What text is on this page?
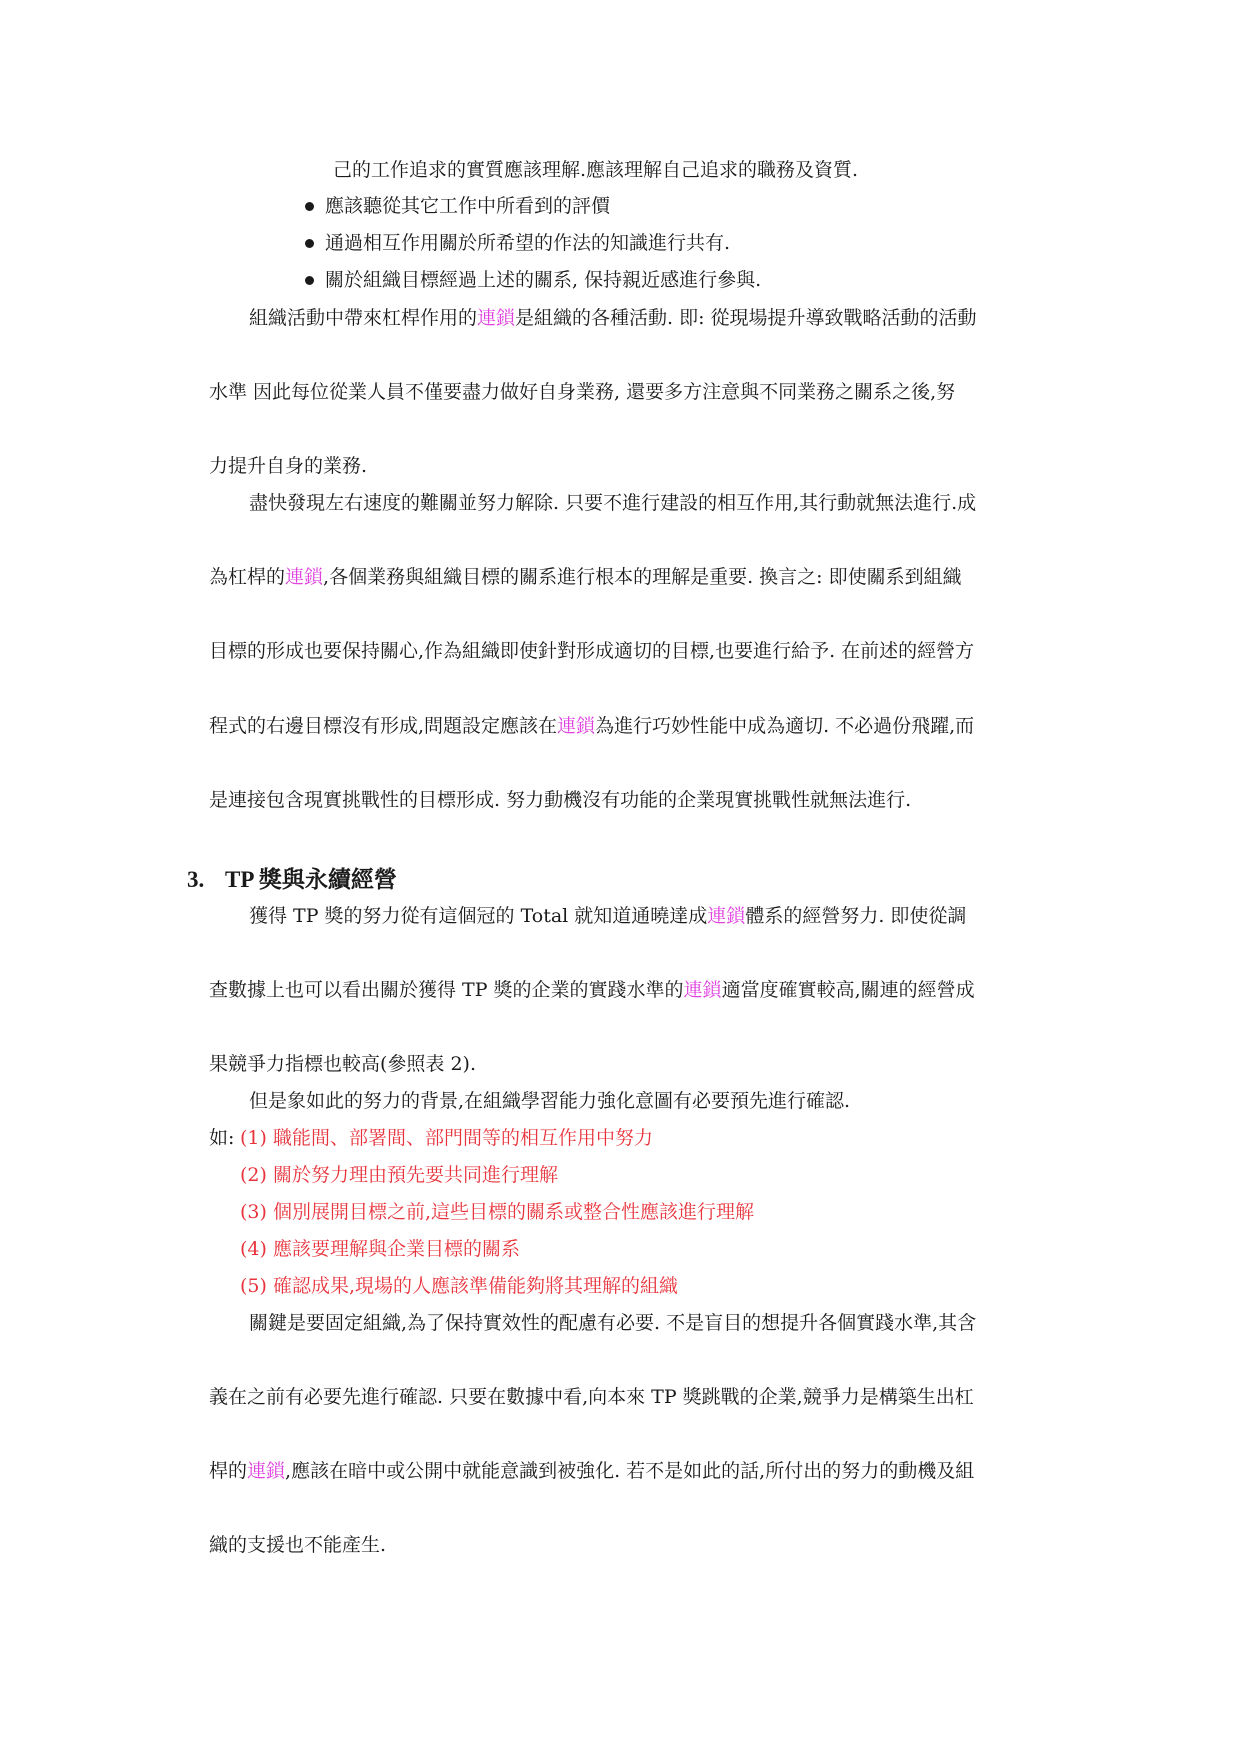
己的工作追求的實質應該理解.應該理解自己追求的職務及資質.
應該聽從其它工作中所看到的評價
通過相互作用關於所希望的作法的知識進行共有.
關於組織目標經過上述的關系, 保持親近感進行參與.
組織活動中帶來杠桿作用的連鎖是組織的各種活動. 即: 從現場提升導致戰略活動的活動
水準 因此每位從業人員不僅要盡力做好自身業務, 還要多方注意與不同業務之關系之後,努
力提升自身的業務.
盡快發現左右速度的難關並努力解除. 只要不進行建設的相互作用,其行動就無法進行.成
為杠桿的連鎖,各個業務與組織目標的關系進行根本的理解是重要. 換言之: 即使關系到組織
目標的形成也要保持關心,作為組織即使針對形成適切的目標,也要進行給予. 在前述的經營方
程式的右邊目標沒有形成,問題設定應該在連鎖為進行巧妙性能中成為適切. 不必過份飛躍,而
是連接包含現實挑戰性的目標形成. 努力動機沒有功能的企業現實挑戰性就無法進行.
3. TP 獎與永續經營
獲得 TP 獎的努力從有這個冠的 Total 就知道通曉達成連鎖體系的經營努力. 即使從調
查數據上也可以看出關於獲得 TP 獎的企業的實踐水準的連鎖適當度確實較高,關連的經營成
果競爭力指標也較高(參照表 2).
但是象如此的努力的背景,在組織學習能力強化意圖有必要預先進行確認.
如: (1) 職能間、部署間、部門間等的相互作用中努力
(2) 關於努力理由預先要共同進行理解
(3) 個別展開目標之前,這些目標的關系或整合性應該進行理解
(4) 應該要理解與企業目標的關系
(5) 確認成果,現場的人應該準備能夠將其理解的組織
關鍵是要固定組織,為了保持實效性的配慮有必要. 不是盲目的想提升各個實踐水準,其含
義在之前有必要先進行確認. 只要在數據中看,向本來 TP 獎跳戰的企業,競爭力是構築生出杠
桿的連鎖,應該在暗中或公開中就能意識到被強化. 若不是如此的話,所付出的努力的動機及組
織的支援也不能產生.
